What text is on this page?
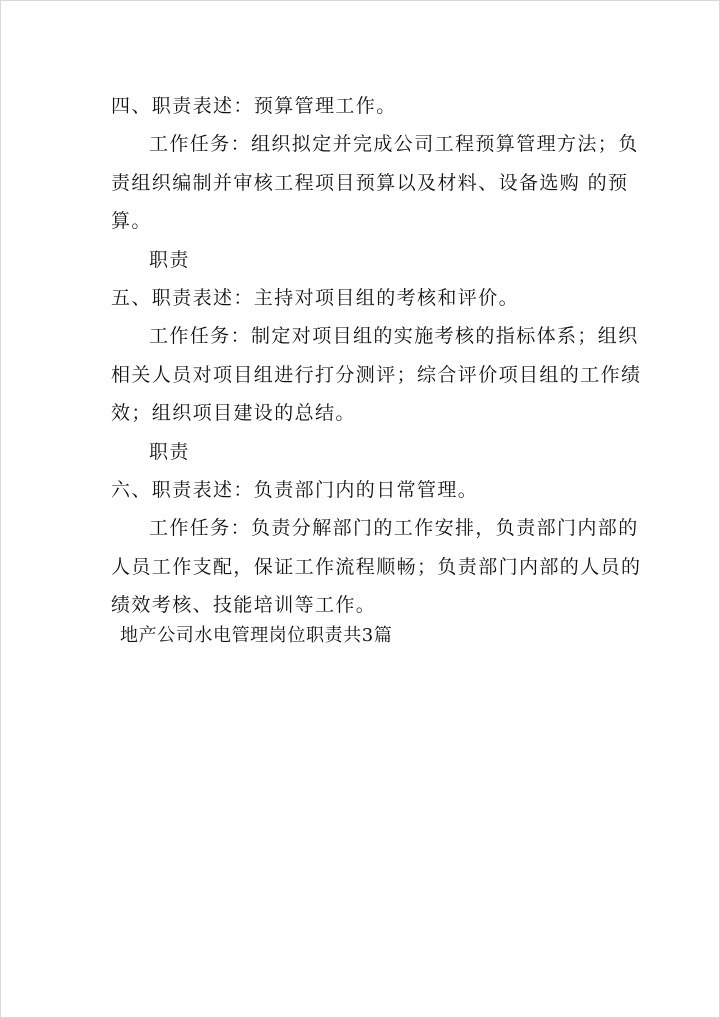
四、职责表述：预算管理工作。

工作任务：组织拟定并完成公司工程预算管理方法；负

责组织编制并审核工程项目预算以及材料、设备选购 的预

算。

职责

五、职责表述：主持对项目组的考核和评价。

工作任务：制定对项目组的实施考核的指标体系；组织

相关人员对项目组进行打分测评；综合评价项目组的工作绩

效；组织项目建设的总结。

职责

六、职责表述：负责部门内的日常管理。

工作任务：负责分解部门的工作安排，负责部门内部的

人员工作支配，保证工作流程顺畅；负责部门内部的人员的

绩效考核、技能培训等工作。

地产公司水电管理岗位职责共3篇
